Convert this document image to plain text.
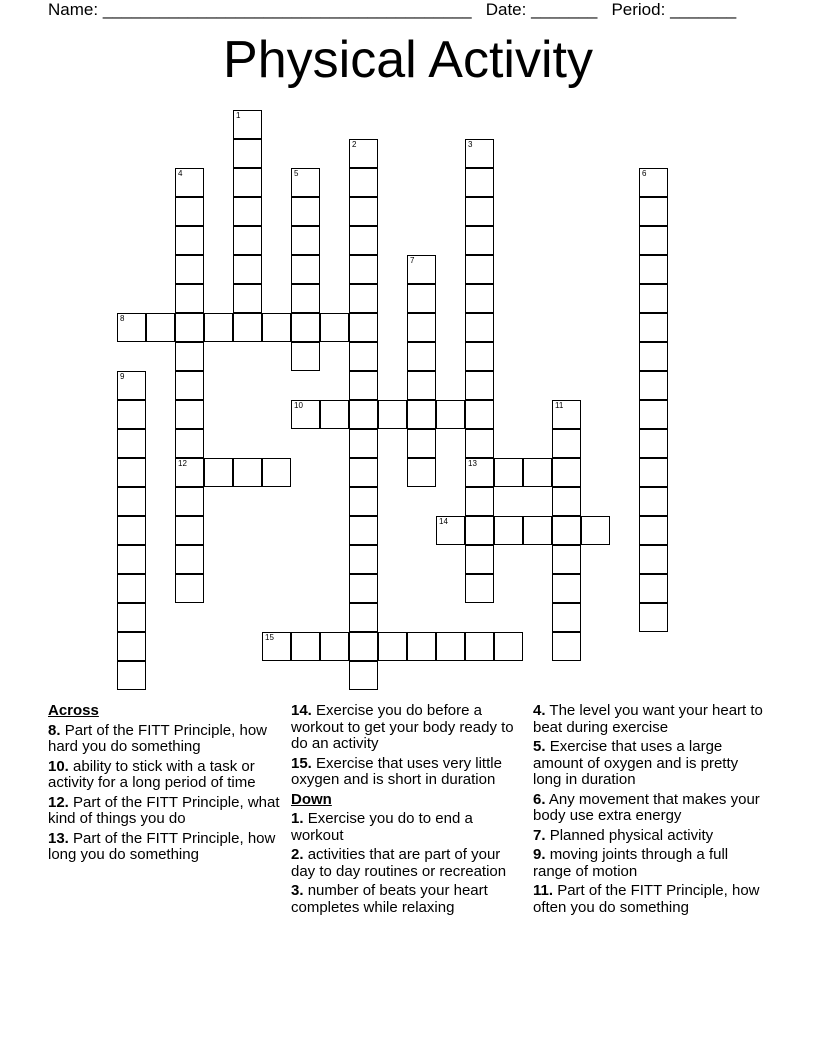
Name: _______________________________________ Date: _______ Period: _______
Physical Activity
1
2	3
13
4
12
5	6
7
8
9
10	11
14
15
Across
8. Part of the FITT Principle, how hard you do something
10. ability to stick with a task or activity for a long period of time
12. Part of the FITT Principle, what kind of things you do
13. Part of the FITT Principle, how long you do something
14. Exercise you do before a workout to get your body ready to do an activity
15. Exercise that uses very little oxygen and is short in duration
Down
1. Exercise you do to end a workout
2. activities that are part of your day to day routines or recreation
3. number of beats your heart completes while relaxing
4. The level you want your heart to beat during exercise
5. Exercise that uses a large amount of oxygen and is pretty long in duration
6. Any movement that makes your body use extra energy
7. Planned physical activity
9. moving joints through a full range of motion
11. Part of the FITT Principle, how often you do something
